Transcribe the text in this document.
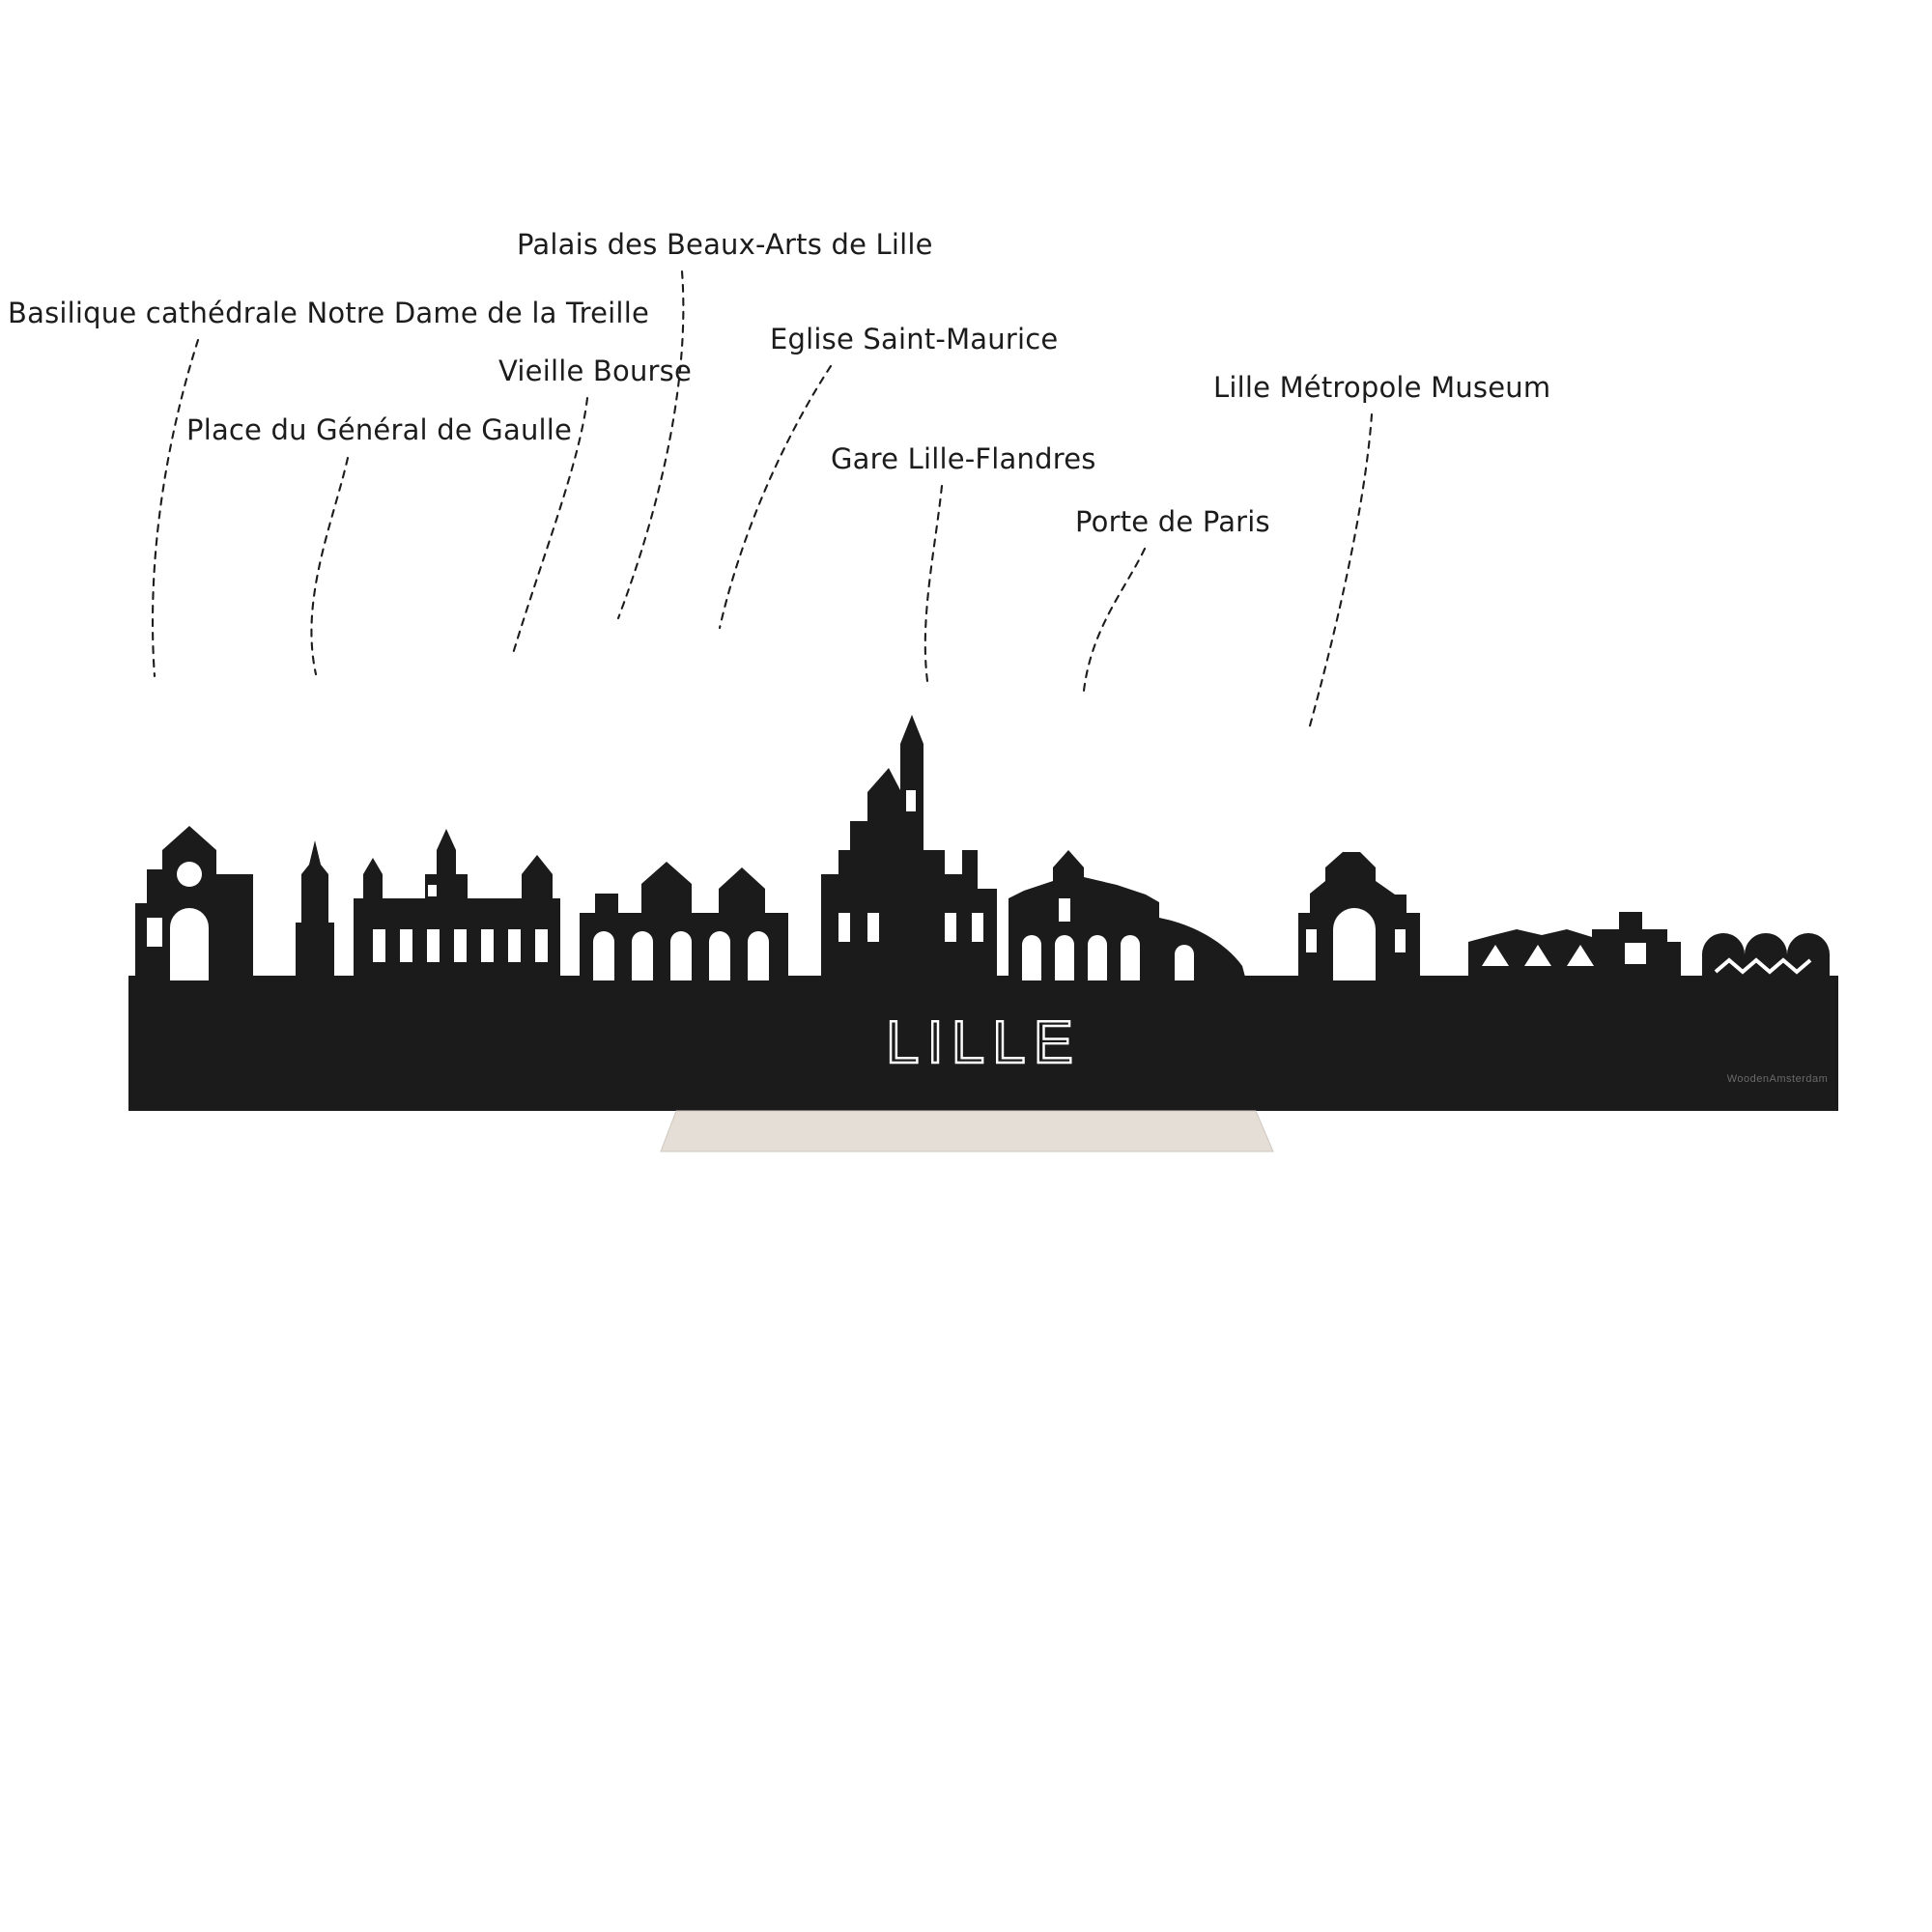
Basilique cathédrale Notre Dame de la Treille
Place du Général de Gaulle
Vieille Bourse
Palais des Beaux-Arts de Lille
Eglise Saint-Maurice
Gare Lille-Flandres
Porte de Paris
Lille Métropole Museum
LILLE
WoodenAmsterdam
